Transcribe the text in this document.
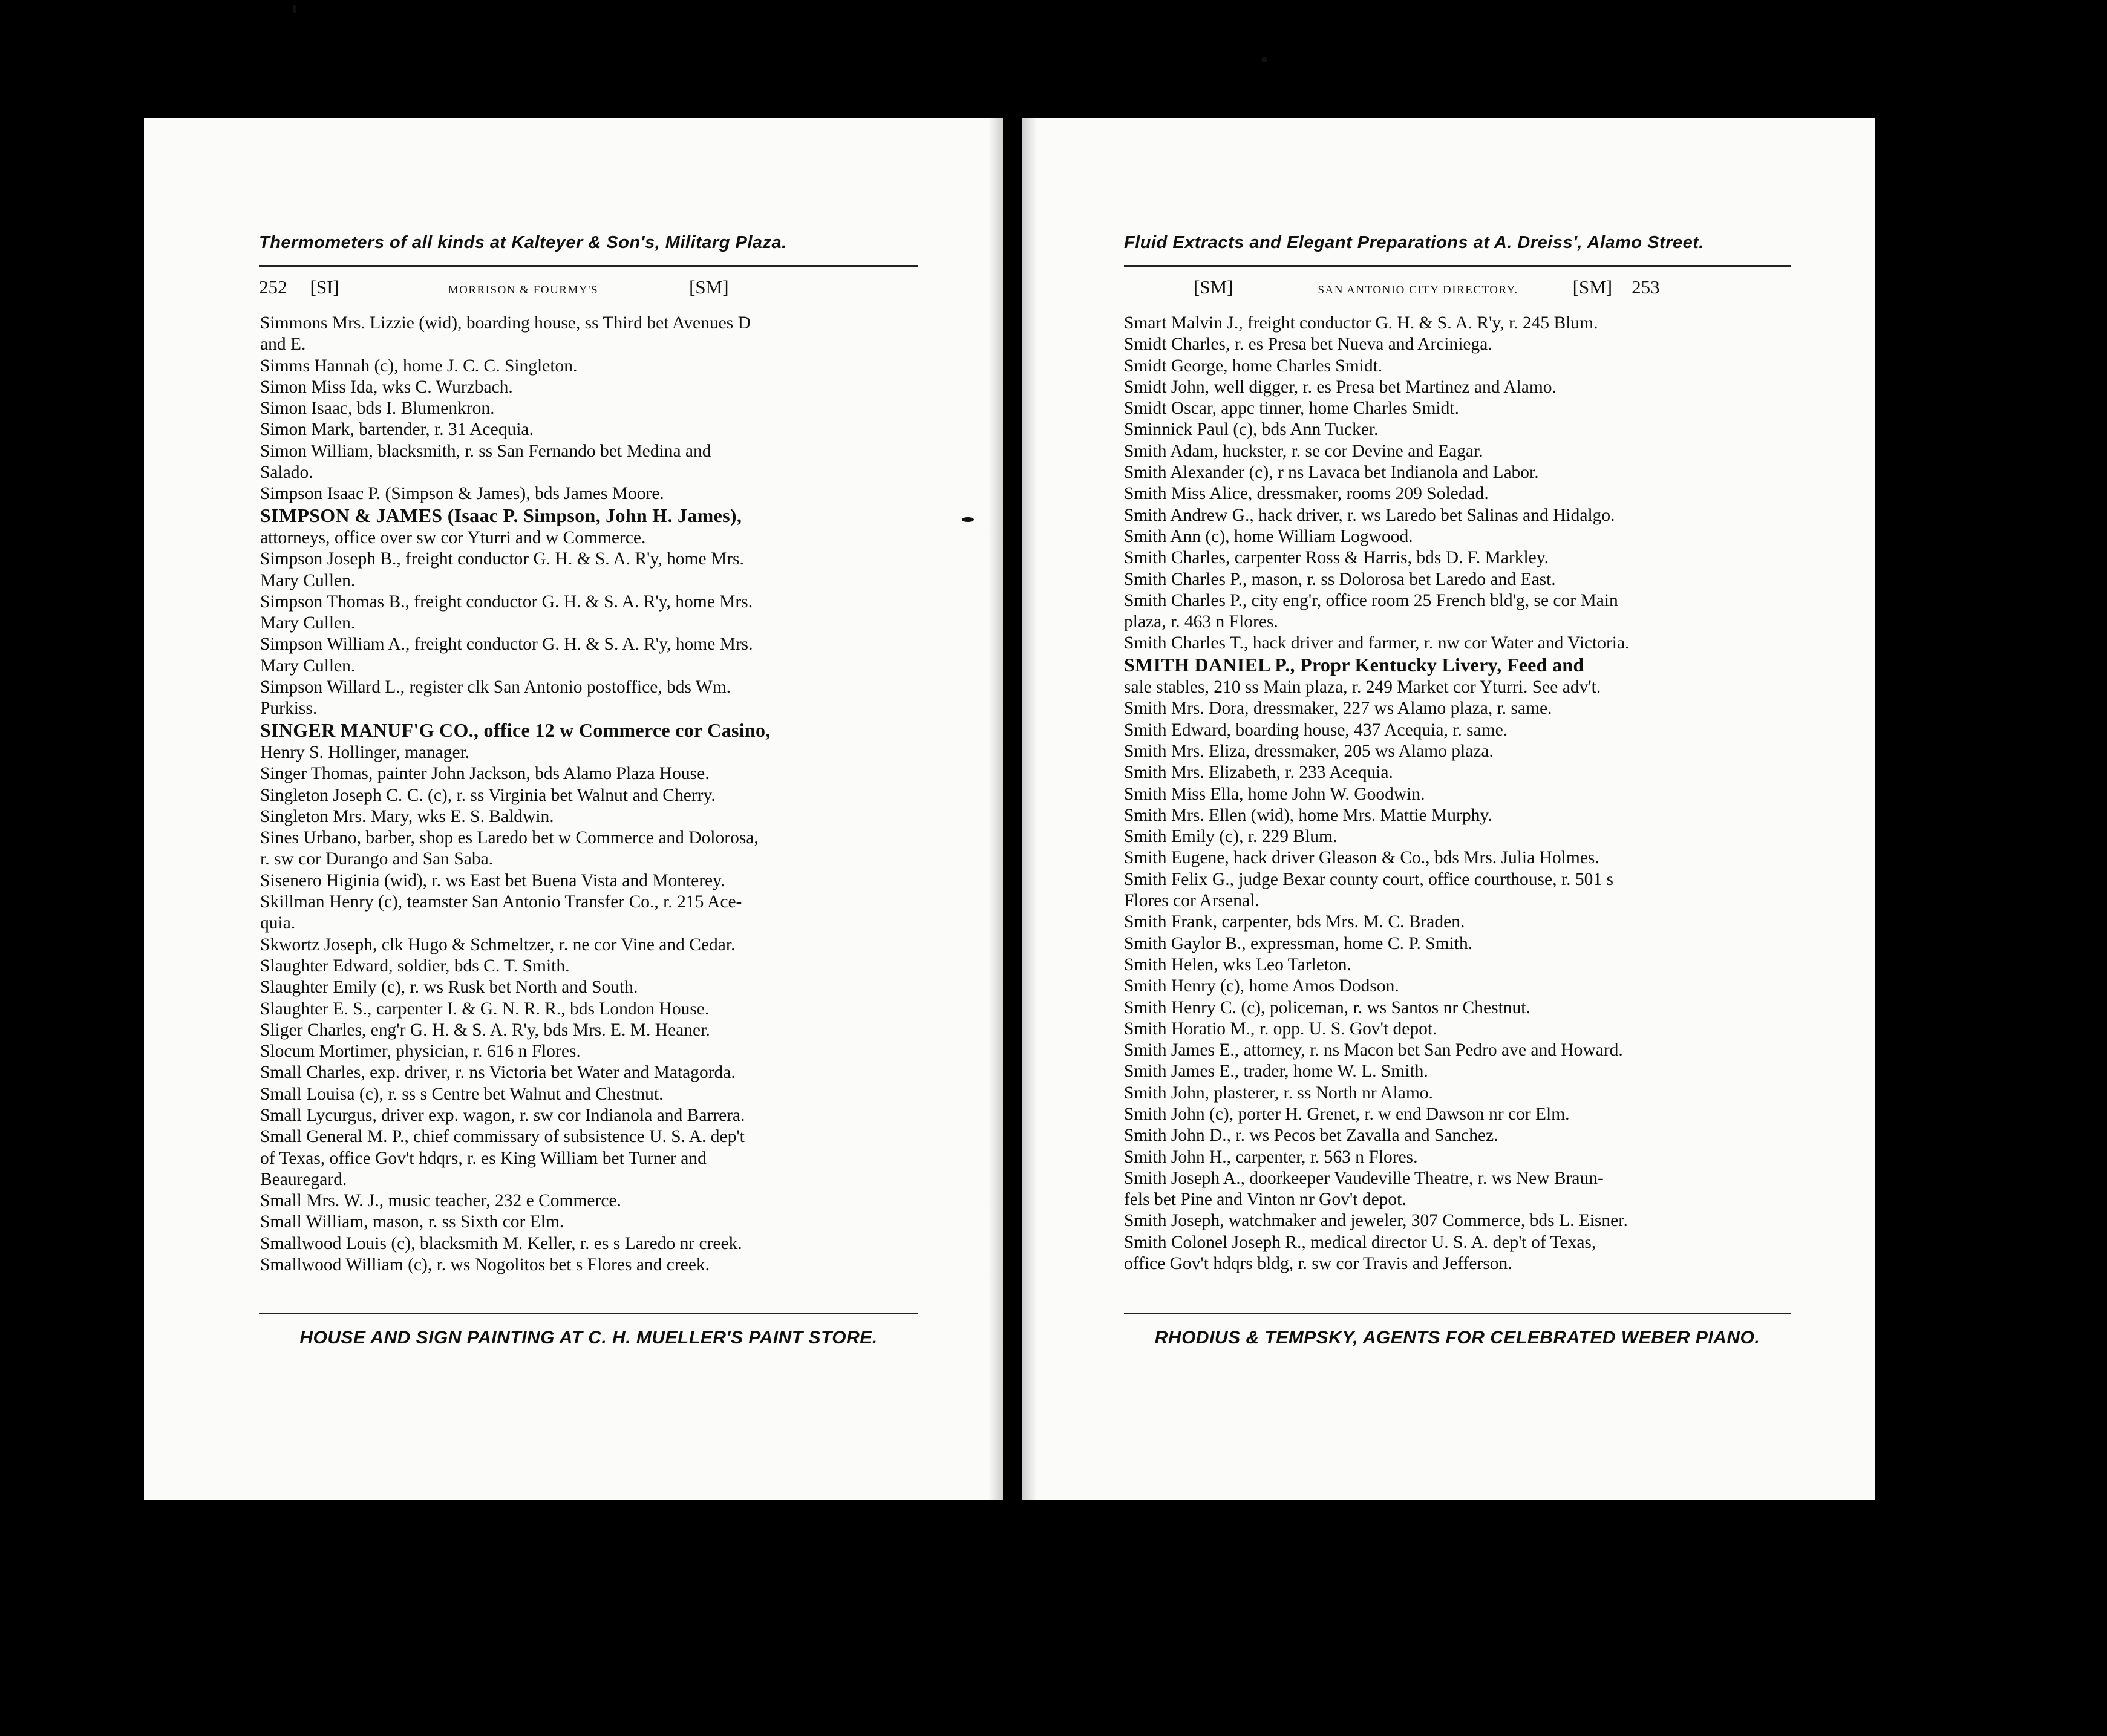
Thermometers of all kinds at Kalteyer & Son's, Militarg Plaza.
252 [SI]	MORRISON & FOURMY'S	[SM]

Simmons Mrs. Lizzie (wid), boarding house, ss Third bet Avenues D
and E.

Simms Hannah (c), home J. C. C. Singleton.

Simon Miss Ida, wks C. Wurzbach.

Simon Isaac, bds I. Blumenkron.

Simon Mark, bartender, r. 31 Acequia.

Simon William, blacksmith, r. ss San Fernando bet Medina and
Salado.

Simpson Isaac P. (Simpson & James), bds James Moore.

SIMPSON & JAMES (Isaac P. Simpson, John H. James),
attorneys, office over sw cor Yturri and w Commerce.

Simpson Joseph B., freight conductor G. H. & S. A. R'y, home Mrs.
Mary Cullen.

Simpson Thomas B., freight conductor G. H. & S. A. R'y, home Mrs.
Mary Cullen.

Simpson William A., freight conductor G. H. & S. A. R'y, home Mrs.
Mary Cullen.

Simpson Willard L., register clk San Antonio postoffice, bds Wm.
Purkiss.

SINGER MANUF'G CO., office 12 w Commerce cor Casino,
Henry S. Hollinger, manager.

Singer Thomas, painter John Jackson, bds Alamo Plaza House.

Singleton Joseph C. C. (c), r. ss Virginia bet Walnut and Cherry.

Singleton Mrs. Mary, wks E. S. Baldwin.

Sines Urbano, barber, shop es Laredo bet w Commerce and Dolorosa,
r. sw cor Durango and San Saba.

Sisenero Higinia (wid), r. ws East bet Buena Vista and Monterey.

Skillman Henry (c), teamster San Antonio Transfer Co., r. 215 Ace-
quia.

Skwortz Joseph, clk Hugo & Schmeltzer, r. ne cor Vine and Cedar.

Slaughter Edward, soldier, bds C. T. Smith.

Slaughter Emily (c), r. ws Rusk bet North and South.

Slaughter E. S., carpenter I. & G. N. R. R., bds London House.

Sliger Charles, eng'r G. H. & S. A. R'y, bds Mrs. E. M. Heaner.

Slocum Mortimer, physician, r. 616 n Flores.

Small Charles, exp. driver, r. ns Victoria bet Water and Matagorda.

Small Louisa (c), r. ss s Centre bet Walnut and Chestnut.

Small Lycurgus, driver exp. wagon, r. sw cor Indianola and Barrera.

Small General M. P., chief commissary of subsistence U. S. A. dep't
of Texas, office Gov't hdqrs, r. es King William bet Turner and
Beauregard.

Small Mrs. W. J., music teacher, 232 e Commerce.

Small William, mason, r. ss Sixth cor Elm.

Smallwood Louis (c), blacksmith M. Keller, r. es s Laredo nr creek.

Smallwood William (c), r. ws Nogolitos bet s Flores and creek.

HOUSE AND SIGN PAINTING AT C. H. MUELLER'S PAINT STORE.
Fluid Extracts and Elegant Preparations at A. Dreiss', Alamo Street.
[SM]	SAN ANTONIO CITY DIRECTORY.	[SM] 253

Smart Malvin J., freight conductor G. H. & S. A. R'y, r. 245 Blum.

Smidt Charles, r. es Presa bet Nueva and Arciniega.

Smidt George, home Charles Smidt.

Smidt John, well digger, r. es Presa bet Martinez and Alamo.

Smidt Oscar, appc tinner, home Charles Smidt.

Sminnick Paul (c), bds Ann Tucker.

Smith Adam, huckster, r. se cor Devine and Eagar.

Smith Alexander (c), r ns Lavaca bet Indianola and Labor.

Smith Miss Alice, dressmaker, rooms 209 Soledad.

Smith Andrew G., hack driver, r. ws Laredo bet Salinas and Hidalgo.

Smith Ann (c), home William Logwood.

Smith Charles, carpenter Ross & Harris, bds D. F. Markley.

Smith Charles P., mason, r. ss Dolorosa bet Laredo and East.

Smith Charles P., city eng'r, office room 25 French bld'g, se cor Main
plaza, r. 463 n Flores.

Smith Charles T., hack driver and farmer, r. nw cor Water and Victoria.

SMITH DANIEL P., Propr Kentucky Livery, Feed and
sale stables, 210 ss Main plaza, r. 249 Market cor Yturri. See adv't.

Smith Mrs. Dora, dressmaker, 227 ws Alamo plaza, r. same.

Smith Edward, boarding house, 437 Acequia, r. same.

Smith Mrs. Eliza, dressmaker, 205 ws Alamo plaza.

Smith Mrs. Elizabeth, r. 233 Acequia.

Smith Miss Ella, home John W. Goodwin.

Smith Mrs. Ellen (wid), home Mrs. Mattie Murphy.

Smith Emily (c), r. 229 Blum.

Smith Eugene, hack driver Gleason & Co., bds Mrs. Julia Holmes.

Smith Felix G., judge Bexar county court, office courthouse, r. 501 s
Flores cor Arsenal.

Smith Frank, carpenter, bds Mrs. M. C. Braden.

Smith Gaylor B., expressman, home C. P. Smith.

Smith Helen, wks Leo Tarleton.

Smith Henry (c), home Amos Dodson.

Smith Henry C. (c), policeman, r. ws Santos nr Chestnut.

Smith Horatio M., r. opp. U. S. Gov't depot.

Smith James E., attorney, r. ns Macon bet San Pedro ave and Howard.

Smith James E., trader, home W. L. Smith.

Smith John, plasterer, r. ss North nr Alamo.

Smith John (c), porter H. Grenet, r. w end Dawson nr cor Elm.

Smith John D., r. ws Pecos bet Zavalla and Sanchez.

Smith John H., carpenter, r. 563 n Flores.

Smith Joseph A., doorkeeper Vaudeville Theatre, r. ws New Braun-
fels bet Pine and Vinton nr Gov't depot.

Smith Joseph, watchmaker and jeweler, 307 Commerce, bds L. Eisner.

Smith Colonel Joseph R., medical director U. S. A. dep't of Texas,
office Gov't hdqrs bldg, r. sw cor Travis and Jefferson.

RHODIUS & TEMPSKY, AGENTS FOR CELEBRATED WEBER PIANO.
